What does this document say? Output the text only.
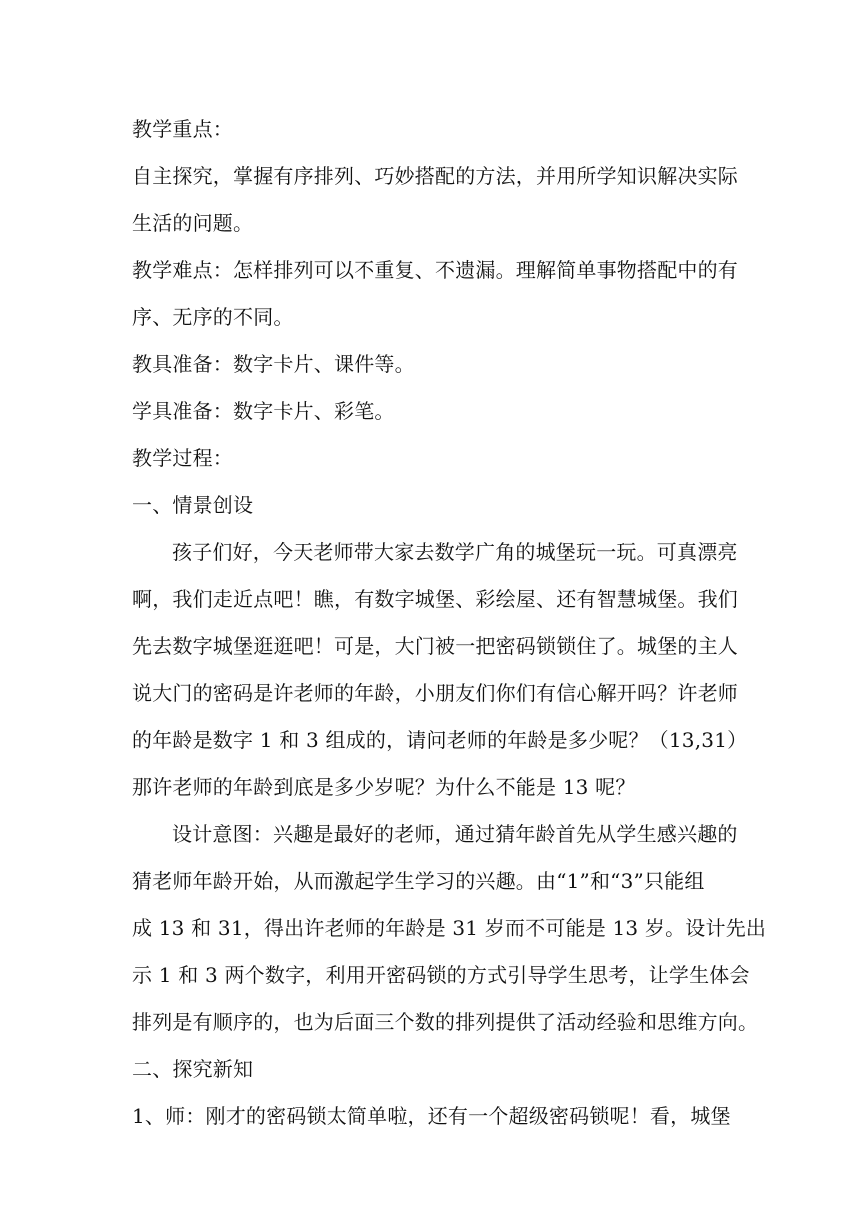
教学重点：
自主探究，掌握有序排列、巧妙搭配的方法，并用所学知识解决实际
生活的问题。
教学难点：怎样排列可以不重复、不遗漏。理解简单事物搭配中的有
序、无序的不同。
教具准备：数字卡片、课件等。
学具准备：数字卡片、彩笔。
教学过程：
一、情景创设
孩子们好，今天老师带大家去数学广角的城堡玩一玩。可真漂亮
啊，我们走近点吧！瞧，有数字城堡、彩绘屋、还有智慧城堡。我们
先去数字城堡逛逛吧！可是，大门被一把密码锁锁住了。城堡的主人
说大门的密码是许老师的年龄，小朋友们你们有信心解开吗？许老师
的年龄是数字 1 和 3 组成的，请问老师的年龄是多少呢？（13,31）
那许老师的年龄到底是多少岁呢？为什么不能是 13 呢？
设计意图：兴趣是最好的老师，通过猜年龄首先从学生感兴趣的
猜老师年龄开始，从而激起学生学习的兴趣。由“1”和“3”只能组
成 13 和 31，得出许老师的年龄是 31 岁而不可能是 13 岁。设计先出
示 1 和 3 两个数字，利用开密码锁的方式引导学生思考，让学生体会
排列是有顺序的，也为后面三个数的排列提供了活动经验和思维方向。
二、探究新知
1、师：刚才的密码锁太简单啦，还有一个超级密码锁呢！看，城堡
